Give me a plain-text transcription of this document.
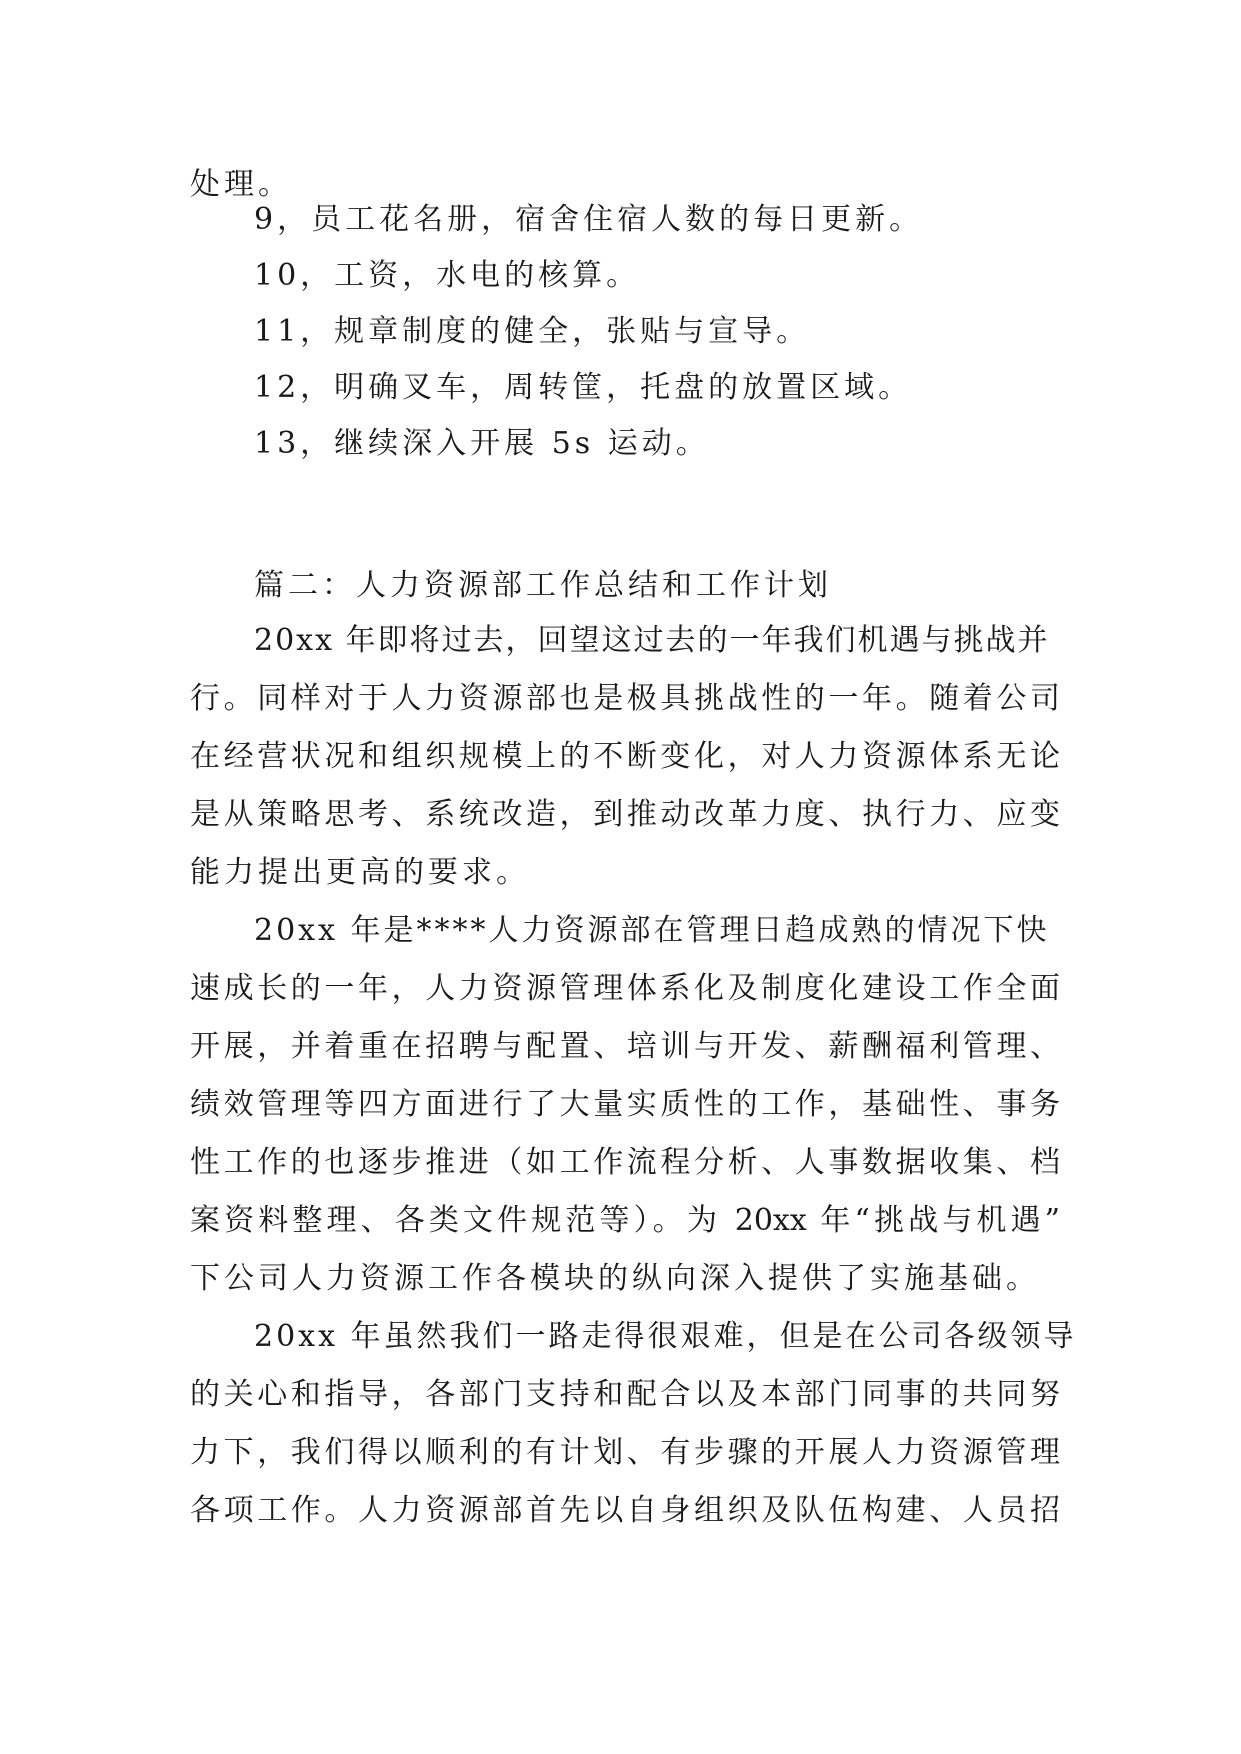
处理。
9，员工花名册，宿舍住宿人数的每日更新。
10，工资，水电的核算。
11，规章制度的健全，张贴与宣导。
12，明确叉车，周转筐，托盘的放置区域。
13，继续深入开展 5s 运动。
篇二：人力资源部工作总结和工作计划
20xx 年即将过去，回望这过去的一年我们机遇与挑战并
行。同样对于人力资源部也是极具挑战性的一年。随着公司
在经营状况和组织规模上的不断变化，对人力资源体系无论
是从策略思考、系统改造，到推动改革力度、执行力、应变
能力提出更高的要求。
20xx 年是****人力资源部在管理日趋成熟的情况下快
速成长的一年，人力资源管理体系化及制度化建设工作全面
开展，并着重在招聘与配置、培训与开发、薪酬福利管理、
绩效管理等四方面进行了大量实质性的工作，基础性、事务
性工作的也逐步推进（如工作流程分析、人事数据收集、档
案资料整理、各类文件规范等）。为 20xx 年“挑战与机遇”
下公司人力资源工作各模块的纵向深入提供了实施基础。
20xx 年虽然我们一路走得很艰难，但是在公司各级领导
的关心和指导，各部门支持和配合以及本部门同事的共同努
力下，我们得以顺利的有计划、有步骤的开展人力资源管理
各项工作。人力资源部首先以自身组织及队伍构建、人员招
